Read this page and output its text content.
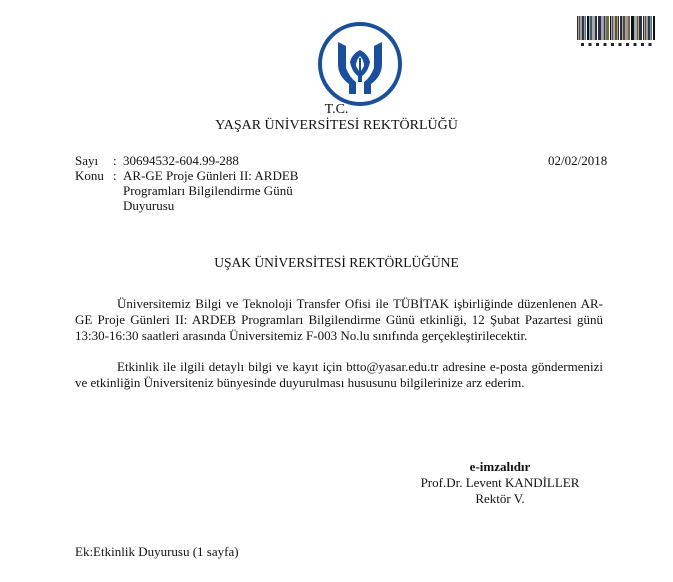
T.C.
YAŞAR ÜNİVERSİTESİ REKTÖRLÜĞÜ
Sayı	: 30694532-604.99-288
Konu : AR-GE Proje Günleri II: ARDEB Programları Bilgilendirme Günü Duyurusu
02/02/2018
UŞAK ÜNİVERSİTESİ REKTÖRLÜĞÜNE
Üniversitemiz Bilgi ve Teknoloji Transfer Ofisi ile TÜBİTAK işbirliğinde düzenlenen AR-GE Proje Günleri II: ARDEB Programları Bilgilendirme Günü etkinliği, 12 Şubat Pazartesi günü 13:30-16:30 saatleri arasında Üniversitemiz F-003 No.lu sınıfında gerçekleştirilecektir.
Etkinlik ile ilgili detaylı bilgi ve kayıt için btto@yasar.edu.tr adresine e-posta göndermenizi ve etkinliğin Üniversiteniz bünyesinde duyurulması hususunu bilgilerinize arz ederim.
e-imzalıdır
Prof.Dr. Levent KANDİLLER
Rektör V.
Ek:Etkinlik Duyurusu (1 sayfa)
